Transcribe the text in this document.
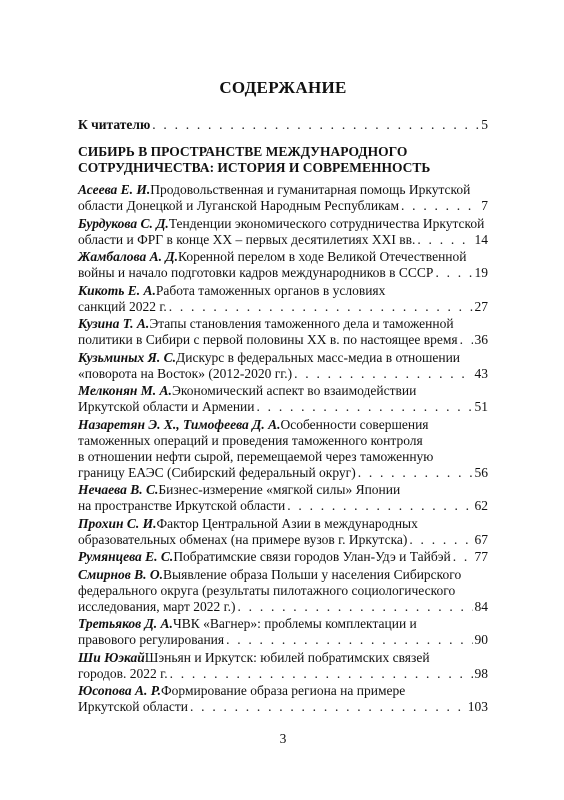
СОДЕРЖАНИЕ
К читателю . . .	5
СИБИРЬ В ПРОСТРАНСТВЕ МЕЖДУНАРОДНОГО
СОТРУДНИЧЕСТВА: ИСТОРИЯ И СОВРЕМЕННОСТЬ
Асеева Е. И. Продовольственная и гуманитарная помощь Иркутской
области Донецкой и Луганской Народным Республикам . . .	7
Бурдукова С. Д. Тенденции экономического сотрудничества Иркутской
области и ФРГ в конце ХХ – первых десятилетиях XXI вв. . . .	14
Жамбалова А. Д. Коренной перелом в ходе Великой Отечественной
войны и начало подготовки кадров международников в СССР . . .	19
Кикоть Е. А. Работа таможенных органов в условиях
санкций 2022 г. . . .	27
Кузина Т. А. Этапы становления таможенного дела и таможенной
политики в Сибири с первой половины ХХ в. по настоящее время . . . 36
Кузьминых Я. С. Дискурс в федеральных масс-медиа в отношении
«поворота на Восток» (2012-2020 гг.) . . .	43
Мелконян М. А. Экономический аспект во взаимодействии
Иркутской области и Армении . . .	51
Назаретян Э. Х., Тимофеева Д. А. Особенности совершения
таможенных операций и проведения таможенного контроля
в отношении нефти сырой, перемещаемой через таможенную
границу ЕАЭС (Сибирский федеральный округ) . . .	56
Нечаева В. С. Бизнес-измерение «мягкой силы» Японии
на пространстве Иркутской области . . .	62
Прохин С. И. Фактор Центральной Азии в международных
образовательных обменах (на примере вузов г. Иркутска) . . .	67
Румянцева Е. С. Побратимские связи городов Улан-Удэ и Тайбэй . . . 77
Смирнов В. О. Выявление образа Польши у населения Сибирского
федерального округа (результаты пилотажного социологического
исследования, март 2022 г.) . . .	84
Третьяков Д. А. ЧВК «Вагнер»: проблемы комплектации и
правового регулирования . . .	90
Ши Юэкай Шэньян и Иркутск: юбилей побратимских связей
городов. 2022 г. . . .	98
Юсопова А. Р. Формирование образа региона на примере
Иркутской области . . .	103
3
